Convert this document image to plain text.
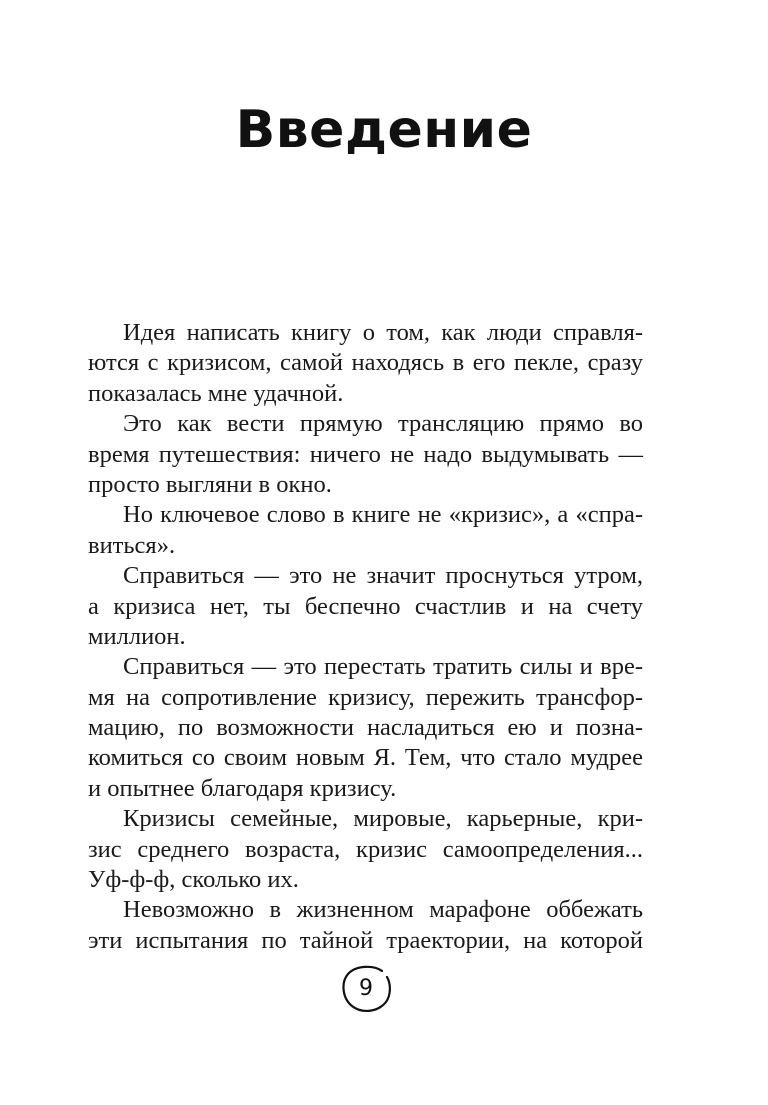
Введение
Идея написать книгу о том, как люди справля-
ются с кризисом, самой находясь в его пекле, сразу
показалась мне удачной.
Это как вести прямую трансляцию прямо во
время путешествия: ничего не надо выдумывать —
просто выгляни в окно.
Но ключевое слово в книге не «кризис», а «спра-
виться».
Справиться — это не значит проснуться утром,
а кризиса нет, ты беспечно счастлив и на счету
миллион.
Справиться — это перестать тратить силы и вре-
мя на сопротивление кризису, пережить трансфор-
мацию, по возможности насладиться ею и позна-
комиться со своим новым Я. Тем, что стало мудрее
и опытнее благодаря кризису.
Кризисы семейные, мировые, карьерные, кри-
зис среднего возраста, кризис самоопределения...
Уф-ф-ф, сколько их.
Невозможно в жизненном марафоне оббежать
эти испытания по тайной траектории, на которой
9
